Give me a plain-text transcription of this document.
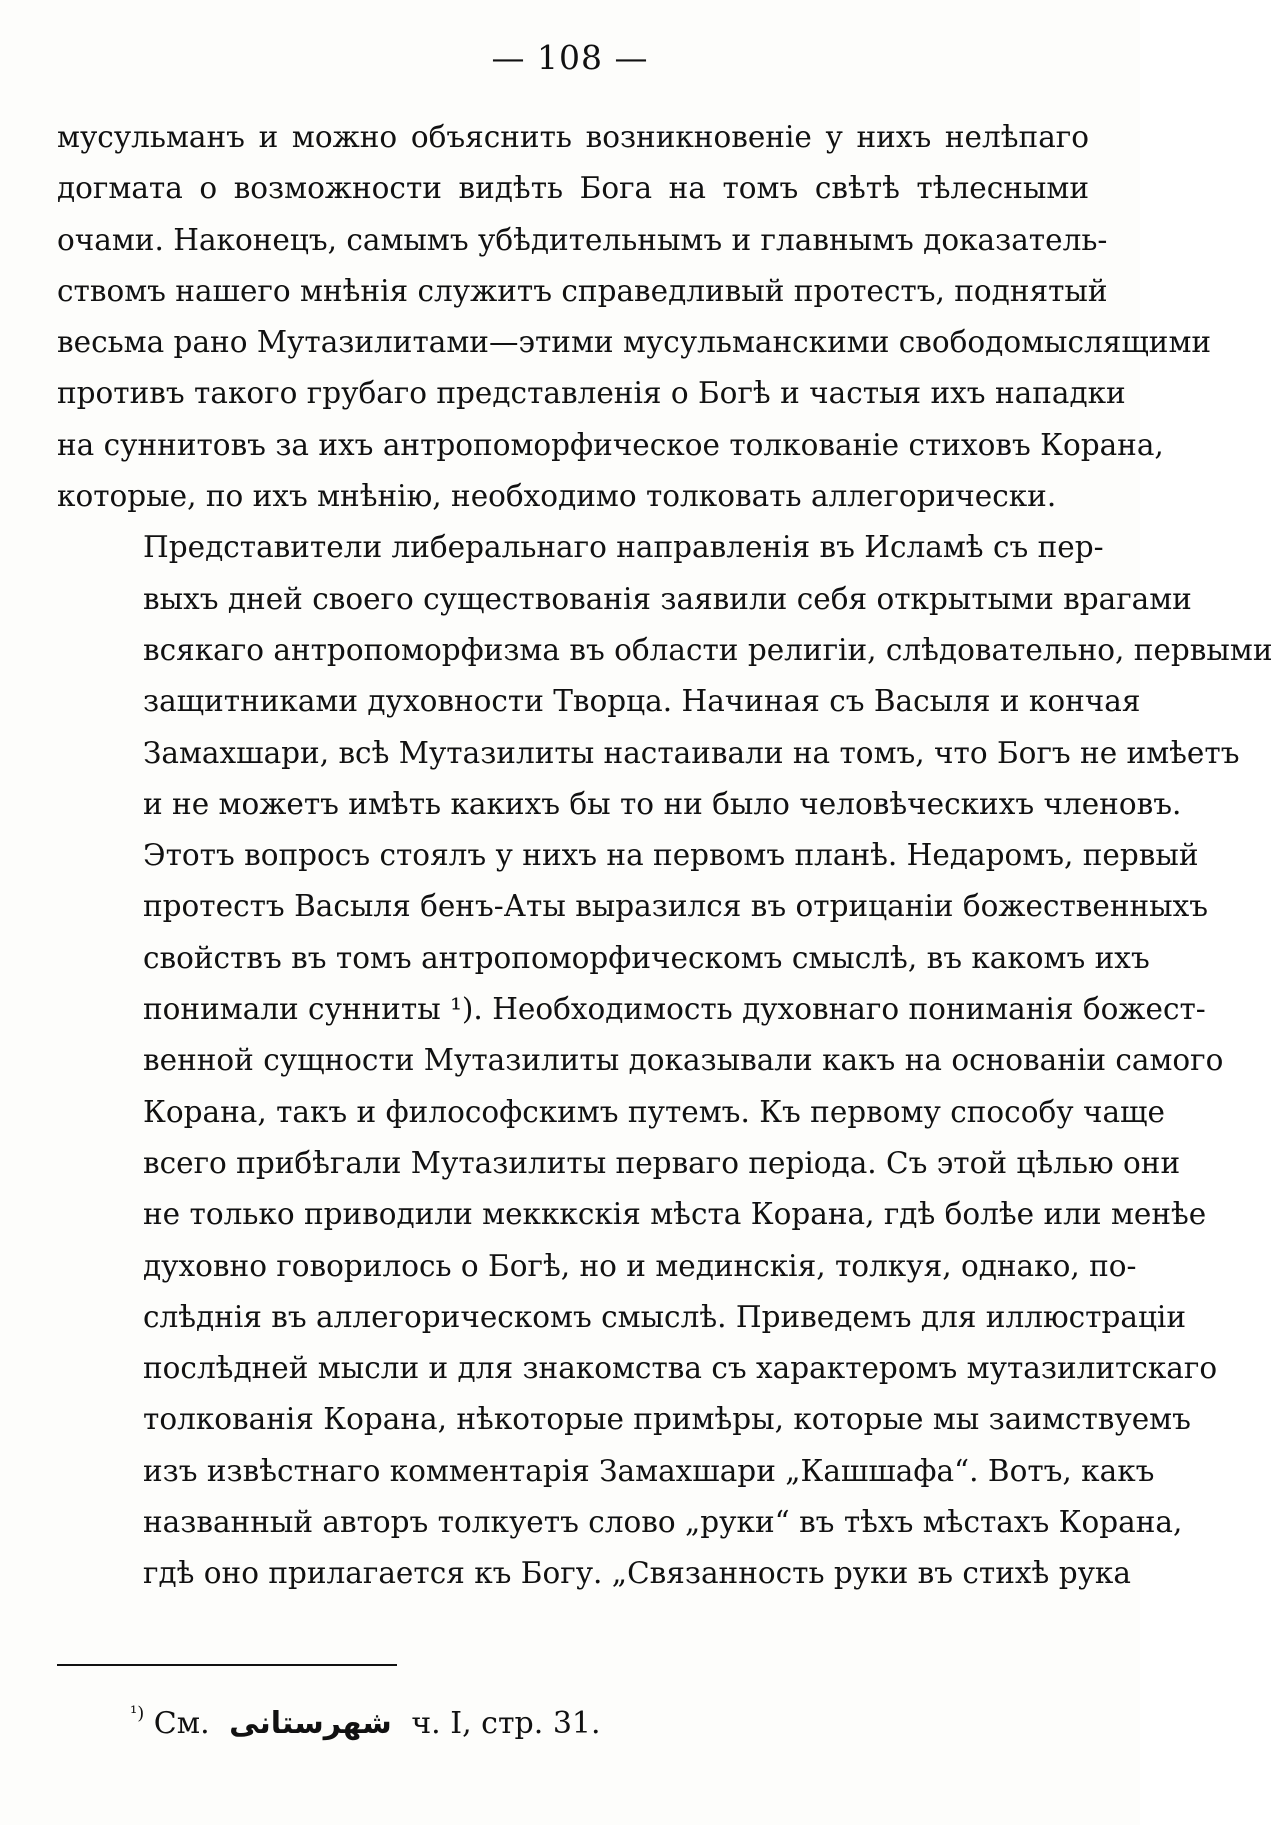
— 108 —

мусульманъ и можно объяснить возникновеніе у нихъ нелѣпаго
догмата о возможности видѣть Бога на томъ свѣтѣ тѣлесными
очами. Наконецъ, самымъ убѣдительнымъ и главнымъ доказатель-
ствомъ нашего мнѣнія служитъ справедливый протестъ, поднятый
весьма рано Мутазилитами—этими мусульманскими свободомыслящими
противъ такого грубаго представленія о Богѣ и частыя ихъ нападки
на суннитовъ за ихъ антропоморфическое толкованіе стиховъ Корана,
которые, по ихъ мнѣнію, необходимо толковать аллегорически.

Представители либеральнаго направленія въ Исламѣ съ пер-
выхъ дней своего существованія заявили себя открытыми врагами
всякаго антропоморфизма въ области религіи, слѣдовательно, первыми
защитниками духовности Творца. Начиная съ Васыля и кончая
Замахшари, всѣ Мутазилиты настаивали на томъ, что Богъ не имѣетъ
и не можетъ имѣть какихъ бы то ни было человѣческихъ членовъ.
Этотъ вопросъ стоялъ у нихъ на первомъ планѣ. Недаромъ, первый
протестъ Васыля бенъ-Аты выразился въ отрицаніи божественныхъ
свойствъ въ томъ антропоморфическомъ смыслѣ, въ какомъ ихъ
понимали сунниты ¹). Необходимость духовнаго пониманія божест-
венной сущности Мутазилиты доказывали какъ на основаніи самого
Корана, такъ и философскимъ путемъ. Къ первому способу чаще
всего прибѣгали Мутазилиты перваго періода. Съ этой цѣлью они
не только приводили мекккскія мѣста Корана, гдѣ болѣе или менѣе
духовно говорилось о Богѣ, но и мединскія, толкуя, однако, по-
слѣднія въ аллегорическомъ смыслѣ. Приведемъ для иллюстраціи
послѣдней мысли и для знакомства съ характеромъ мутазилитскаго
толкованія Корана, нѣкоторые примѣры, которые мы заимствуемъ
изъ извѣстнаго комментарія Замахшари „Кашшафа“. Вотъ, какъ
названный авторъ толкуетъ слово „руки“ въ тѣхъ мѣстахъ Корана,
гдѣ оно прилагается къ Богу. „Связанность руки въ стихѣ рука

$^{^1)}$ См. شهرستانی ч. I, стр. 31.
